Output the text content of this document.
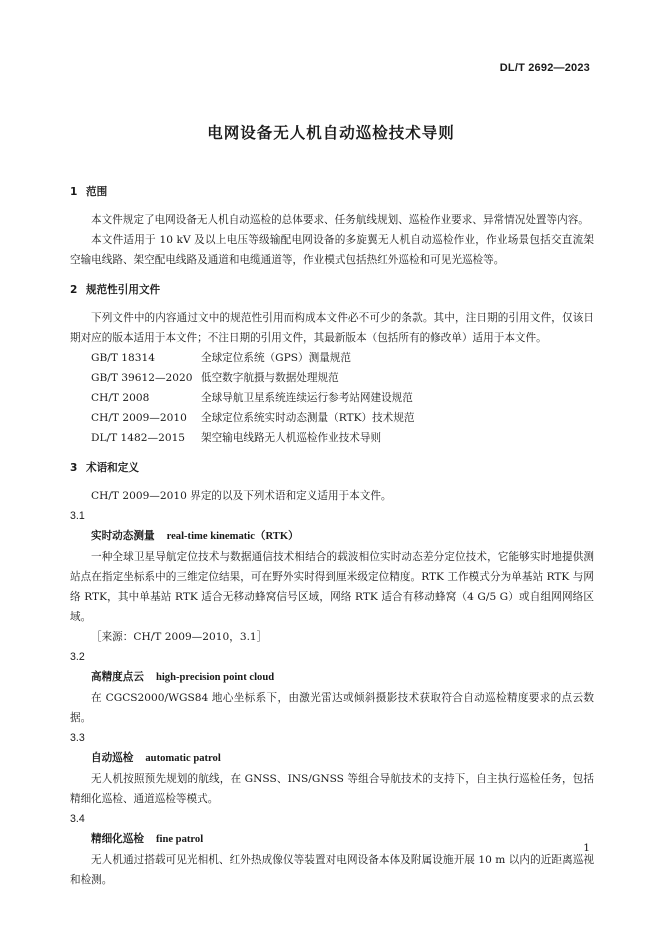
DL/T 2692—2023
电网设备无人机自动巡检技术导则
1 范围

本文件规定了电网设备无人机自动巡检的总体要求、任务航线规划、巡检作业要求、异常情况处置等内容。

本文件适用于 10 kV 及以上电压等级输配电网设备的多旋翼无人机自动巡检作业，作业场景包括交直流架空输电线路、架空配电线路及通道和电缆通道等，作业模式包括热红外巡检和可见光巡检等。

2 规范性引用文件

下列文件中的内容通过文中的规范性引用而构成本文件必不可少的条款。其中，注日期的引用文件，仅该日期对应的版本适用于本文件；不注日期的引用文件，其最新版本（包括所有的修改单）适用于本文件。

GB/T 18314	全球定位系统（GPS）测量规范
GB/T 39612—2020 低空数字航摄与数据处理规范
CH/T 2008	全球导航卫星系统连续运行参考站网建设规范
CH/T 2009—2010 全球定位系统实时动态测量（RTK）技术规范
DL/T 1482—2015 架空输电线路无人机巡检作业技术导则
3 术语和定义

CH/T 2009—2010 界定的以及下列术语和定义适用于本文件。

3.1
实时动态测量 real-time kinematic（RTK）

一种全球卫星导航定位技术与数据通信技术相结合的载波相位实时动态差分定位技术，它能够实时地提供测站点在指定坐标系中的三维定位结果，可在野外实时得到厘米级定位精度。RTK 工作模式分为单基站 RTK 与网络 RTK，其中单基站 RTK 适合无移动蜂窝信号区域，网络 RTK 适合有移动蜂窝（4 G/5 G）或自组网网络区域。

［来源：CH/T 2009—2010，3.1］
3.2
高精度点云 high-precision point cloud

在 CGCS2000/WGS84 地心坐标系下，由激光雷达或倾斜摄影技术获取符合自动巡检精度要求的点云数据。

3.3
自动巡检 automatic patrol

无人机按照预先规划的航线，在 GNSS、INS/GNSS 等组合导航技术的支持下，自主执行巡检任务，包括精细化巡检、通道巡检等模式。

3.4
精细化巡检 fine patrol

无人机通过搭载可见光相机、红外热成像仪等装置对电网设备本体及附属设施开展 10 m 以内的近距离巡视和检测。

1
